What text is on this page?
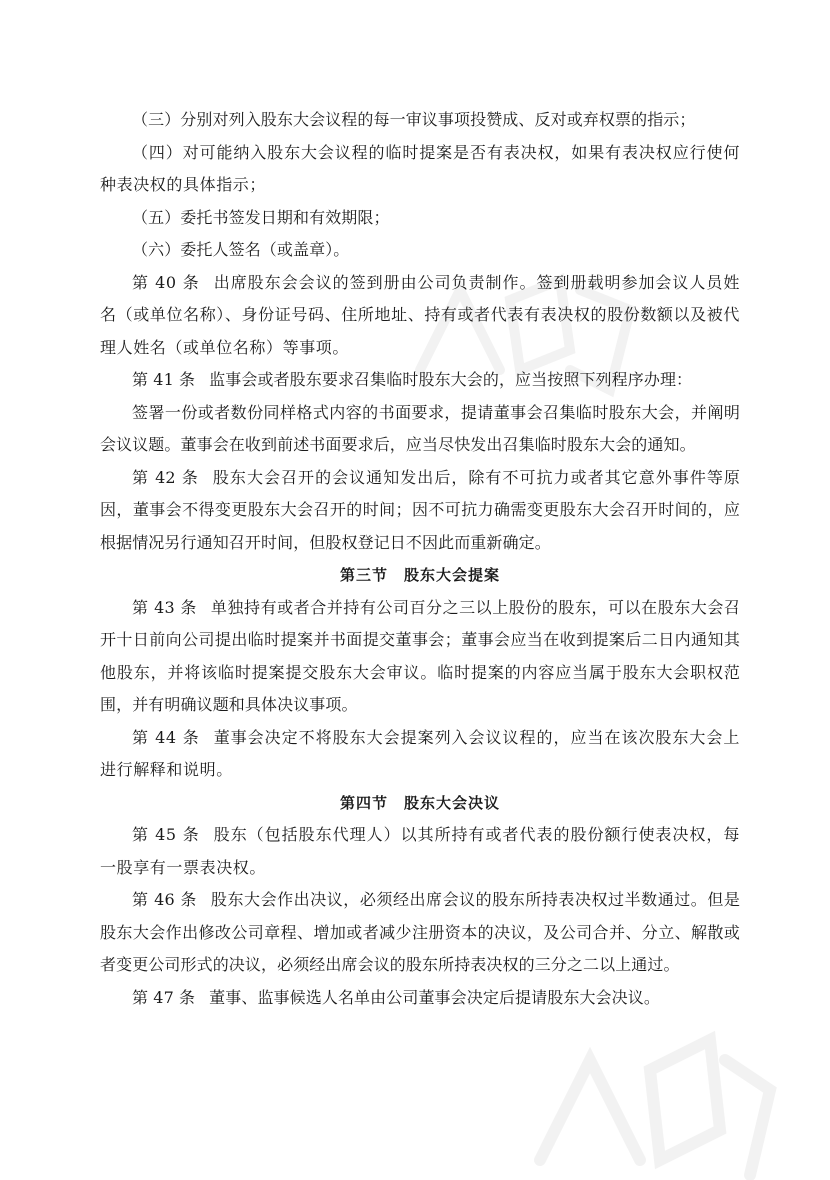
（三）分别对列入股东大会议程的每一审议事项投赞成、反对或弃权票的指示；

（四）对可能纳入股东大会议程的临时提案是否有表决权，如果有表决权应行使何种表决权的具体指示；

（五）委托书签发日期和有效期限；

（六）委托人签名（或盖章）。

第 40 条 出席股东会会议的签到册由公司负责制作。签到册载明参加会议人员姓名（或单位名称）、身份证号码、住所地址、持有或者代表有表决权的股份数额以及被代理人姓名（或单位名称）等事项。

第 41 条 监事会或者股东要求召集临时股东大会的，应当按照下列程序办理：

签署一份或者数份同样格式内容的书面要求，提请董事会召集临时股东大会，并阐明会议议题。董事会在收到前述书面要求后，应当尽快发出召集临时股东大会的通知。

第 42 条 股东大会召开的会议通知发出后，除有不可抗力或者其它意外事件等原因，董事会不得变更股东大会召开的时间；因不可抗力确需变更股东大会召开时间的，应根据情况另行通知召开时间，但股权登记日不因此而重新确定。

第三节　股东大会提案

第 43 条 单独持有或者合并持有公司百分之三以上股份的股东，可以在股东大会召开十日前向公司提出临时提案并书面提交董事会；董事会应当在收到提案后二日内通知其他股东，并将该临时提案提交股东大会审议。临时提案的内容应当属于股东大会职权范围，并有明确议题和具体决议事项。

第 44 条 董事会决定不将股东大会提案列入会议议程的，应当在该次股东大会上进行解释和说明。

第四节　股东大会决议

第 45 条 股东（包括股东代理人）以其所持有或者代表的股份额行使表决权，每一股享有一票表决权。

第 46 条 股东大会作出决议，必须经出席会议的股东所持表决权过半数通过。但是股东大会作出修改公司章程、增加或者减少注册资本的决议，及公司合并、分立、解散或者变更公司形式的决议，必须经出席会议的股东所持表决权的三分之二以上通过。

第 47 条 董事、监事候选人名单由公司董事会决定后提请股东大会决议。
